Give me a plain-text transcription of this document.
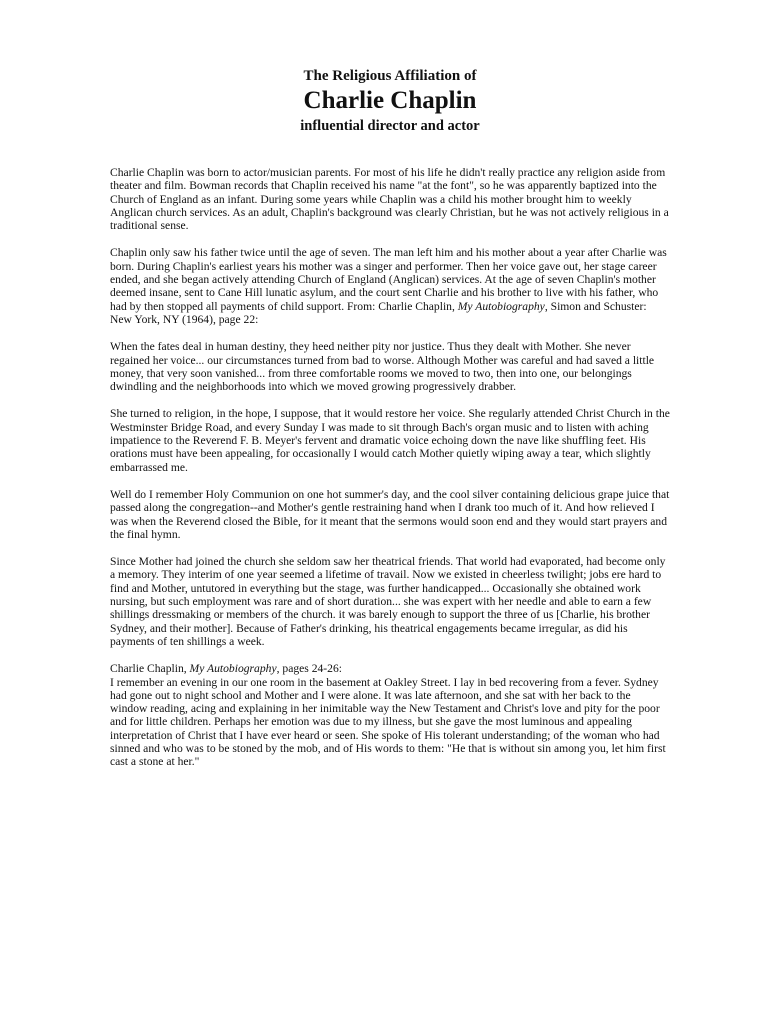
The Religious Affiliation of
Charlie Chaplin
influential director and actor

Charlie Chaplin was born to actor/musician parents. For most of his life he didn't really practice any religion aside from theater and film. Bowman records that Chaplin received his name "at the font", so he was apparently baptized into the Church of England as an infant. During some years while Chaplin was a child his mother brought him to weekly Anglican church services. As an adult, Chaplin's background was clearly Christian, but he was not actively religious in a traditional sense.

Chaplin only saw his father twice until the age of seven. The man left him and his mother about a year after Charlie was born. During Chaplin's earliest years his mother was a singer and performer. Then her voice gave out, her stage career ended, and she began actively attending Church of England (Anglican) services. At the age of seven Chaplin's mother deemed insane, sent to Cane Hill lunatic asylum, and the court sent Charlie and his brother to live with his father, who had by then stopped all payments of child support. From: Charlie Chaplin, My Autobiography, Simon and Schuster: New York, NY (1964), page 22:

When the fates deal in human destiny, they heed neither pity nor justice. Thus they dealt with Mother. She never regained her voice... our circumstances turned from bad to worse. Although Mother was careful and had saved a little money, that very soon vanished... from three comfortable rooms we moved to two, then into one, our belongings dwindling and the neighborhoods into which we moved growing progressively drabber.

She turned to religion, in the hope, I suppose, that it would restore her voice. She regularly attended Christ Church in the Westminster Bridge Road, and every Sunday I was made to sit through Bach's organ music and to listen with aching impatience to the Reverend F. B. Meyer's fervent and dramatic voice echoing down the nave like shuffling feet. His orations must have been appealing, for occasionally I would catch Mother quietly wiping away a tear, which slightly embarrassed me.

Well do I remember Holy Communion on one hot summer's day, and the cool silver containing delicious grape juice that passed along the congregation--and Mother's gentle restraining hand when I drank too much of it. And how relieved I was when the Reverend closed the Bible, for it meant that the sermons would soon end and they would start prayers and the final hymn.

Since Mother had joined the church she seldom saw her theatrical friends. That world had evaporated, had become only a memory. They interim of one year seemed a lifetime of travail. Now we existed in cheerless twilight; jobs ere hard to find and Mother, untutored in everything but the stage, was further handicapped... Occasionally she obtained work nursing, but such employment was rare and of short duration... she was expert with her needle and able to earn a few shillings dressmaking or members of the church. it was barely enough to support the three of us [Charlie, his brother Sydney, and their mother]. Because of Father's drinking, his theatrical engagements became irregular, as did his payments of ten shillings a week.

Charlie Chaplin, My Autobiography, pages 24-26:
I remember an evening in our one room in the basement at Oakley Street. I lay in bed recovering from a fever. Sydney had gone out to night school and Mother and I were alone. It was late afternoon, and she sat with her back to the window reading, acing and explaining in her inimitable way the New Testament and Christ's love and pity for the poor and for little children. Perhaps her emotion was due to my illness, but she gave the most luminous and appealing interpretation of Christ that I have ever heard or seen. She spoke of His tolerant understanding; of the woman who had sinned and who was to be stoned by the mob, and of His words to them: "He that is without sin among you, let him first cast a stone at her."
